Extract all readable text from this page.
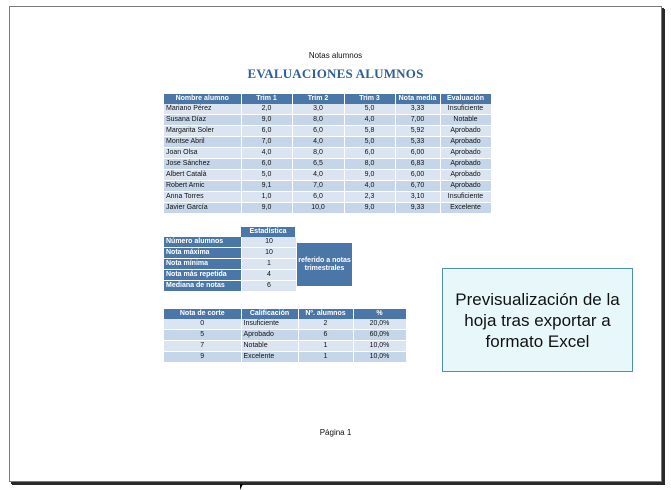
Notas alumnos
EVALUACIONES ALUMNOS
Nombre alumno	Trim 1	Trim 2	Trim 3	Nota media	Evaluación
Mariano Pérez	2,0	3,0	5,0	3,33	Insuficiente
Susana Díaz	9,0	8,0	4,0	7,00	Notable
Margarita Soler	6,0	6,0	5,8	5,92	Aprobado
Montse Abril	7,0	4,0	5,0	5,33	Aprobado
Joan Olsa	4,0	8,0	6,0	6,00	Aprobado
Jose Sánchez	6,0	6,5	8,0	6,83	Aprobado
Albert Català	5,0	4,0	9,0	6,00	Aprobado
Robert Arnic	9,1	7,0	4,0	6,70	Aprobado
Anna Torres	1,0	6,0	2,3	3,10	Insuficiente
Javier García	9,0	10,0	9,0	9,33	Excelente
Estadística
Número alumnos	10
Nota máxima	10
Nota mínima	1
Nota más repetida	4
Mediana de notas	6
referido a notas trimestrales
Nota de corte	Calificación	Nº. alumnos	%
0	Insuficiente	2	20,0%
5	Aprobado	6	60,0%
7	Notable	1	10,0%
9	Excelente	1	10,0%
Previsualización de la hoja tras exportar a formato Excel
Página 1
